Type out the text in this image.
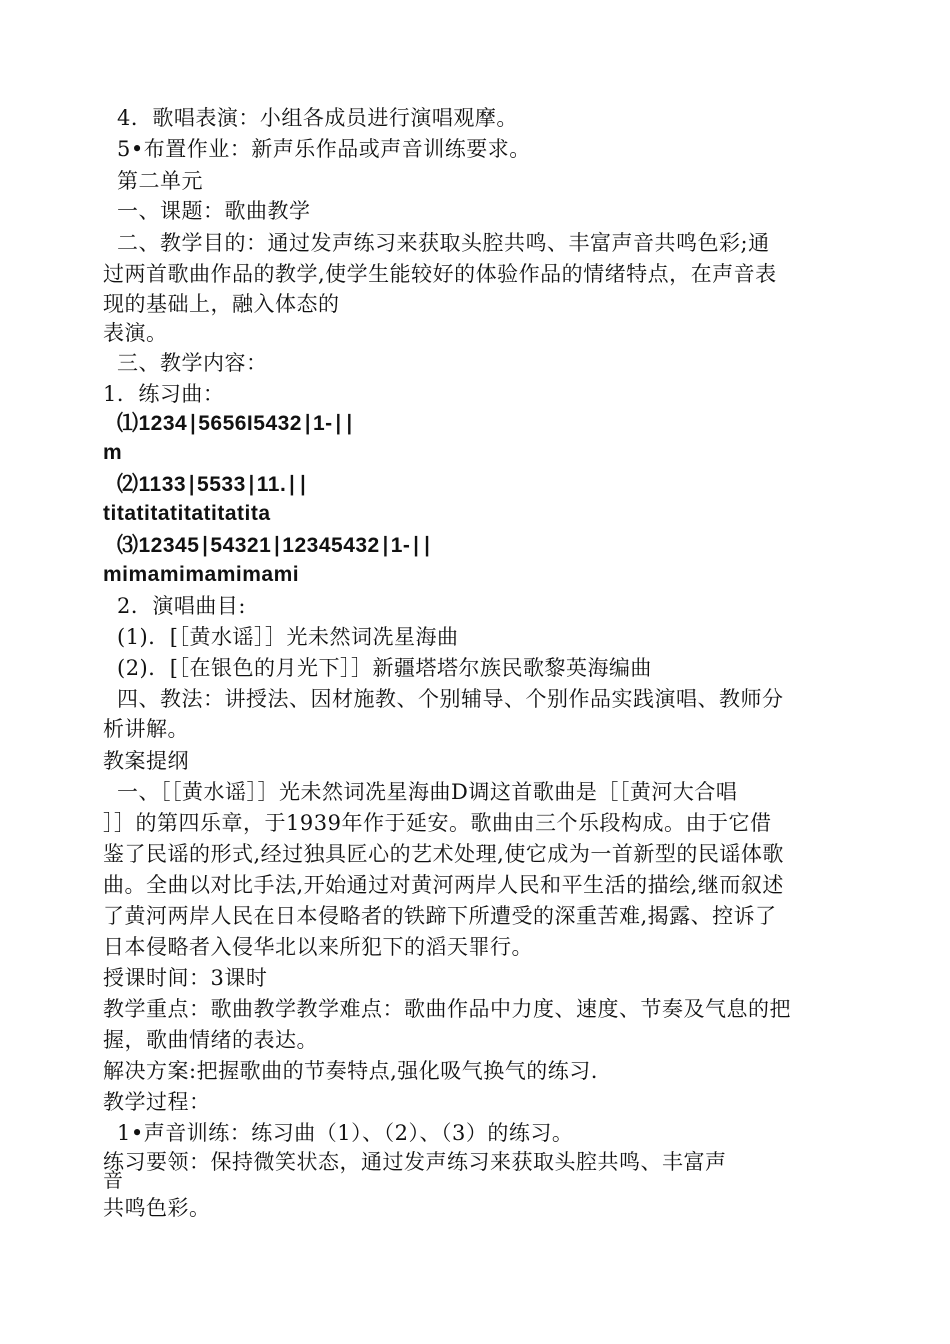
4．歌唱表演：小组各成员进行演唱观摩。
5•布置作业：新声乐作品或声音训练要求。
第二单元
一、课题：歌曲教学
二、教学目的：通过发声练习来获取头腔共鸣、丰富声音共鸣色彩;通
过两首歌曲作品的教学,使学生能较好的体验作品的情绪特点，在声音表
现的基础上，融入体态的
表演。
三、教学内容：
1．练习曲：
⑴1234∣5656I5432∣1-∣∣
m
⑵1133∣5533∣11.∣∣
titatitatitatitatita
⑶12345∣54321∣12345432∣1-∣∣
mimamimamimami
2．演唱曲目:
(1)．[［黄水谣］］光未然词冼星海曲
(2)．[［在银色的月光下］］新疆塔塔尔族民歌黎英海编曲
四、教法：讲授法、因材施教、个别辅导、个别作品实践演唱、教师分
析讲解。
教案提纲
一、［［黄水谣］］光未然词冼星海曲D调这首歌曲是［［黄河大合唱
］］的第四乐章，于1939年作于延安。歌曲由三个乐段构成。由于它借
鉴了民谣的形式,经过独具匠心的艺术处理,使它成为一首新型的民谣体歌
曲。全曲以对比手法,开始通过对黄河两岸人民和平生活的描绘,继而叙述
了黄河两岸人民在日本侵略者的铁蹄下所遭受的深重苦难,揭露、控诉了
日本侵略者入侵华北以来所犯下的滔天罪行。
授课时间：3课时
教学重点：歌曲教学教学难点：歌曲作品中力度、速度、节奏及气息的把
握，歌曲情绪的表达。
解决方案:把握歌曲的节奏特点,强化吸气换气的练习.
教学过程：
1•声音训练：练习曲（1）、（2）、（3）的练习。
练习要领：保持微笑状态，通过发声练习来获取头腔共鸣、丰富声
音
共鸣色彩。
